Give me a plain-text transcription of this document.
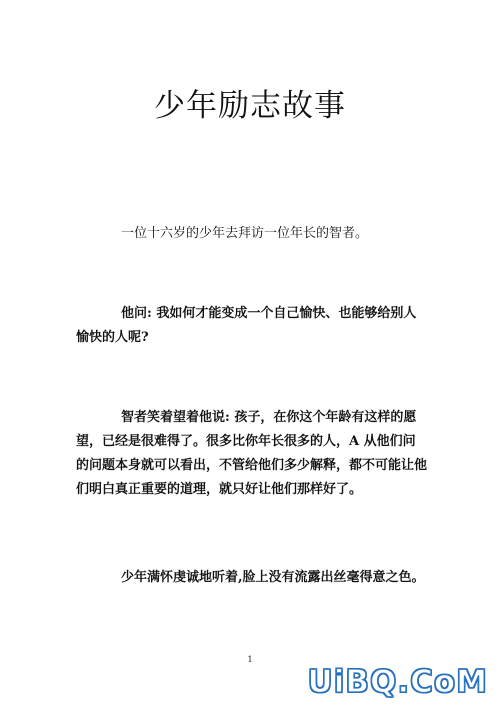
少年励志故事

一位十六岁的少年去拜访一位年长的智者。

他问: 我如何才能变成一个自己愉快、也能够给别人愉快的人呢?

智者笑着望着他说: 孩子，在你这个年龄有这样的愿望，已经是很难得了。很多比你年长很多的人，A 从他们问的问题本身就可以看出，不管给他们多少解释，都不可能让他们明白真正重要的道理，就只好让他们那样好了。

少年满怀虔诚地听着,脸上没有流露出丝毫得意之色。

1
UiBQ.CoM
